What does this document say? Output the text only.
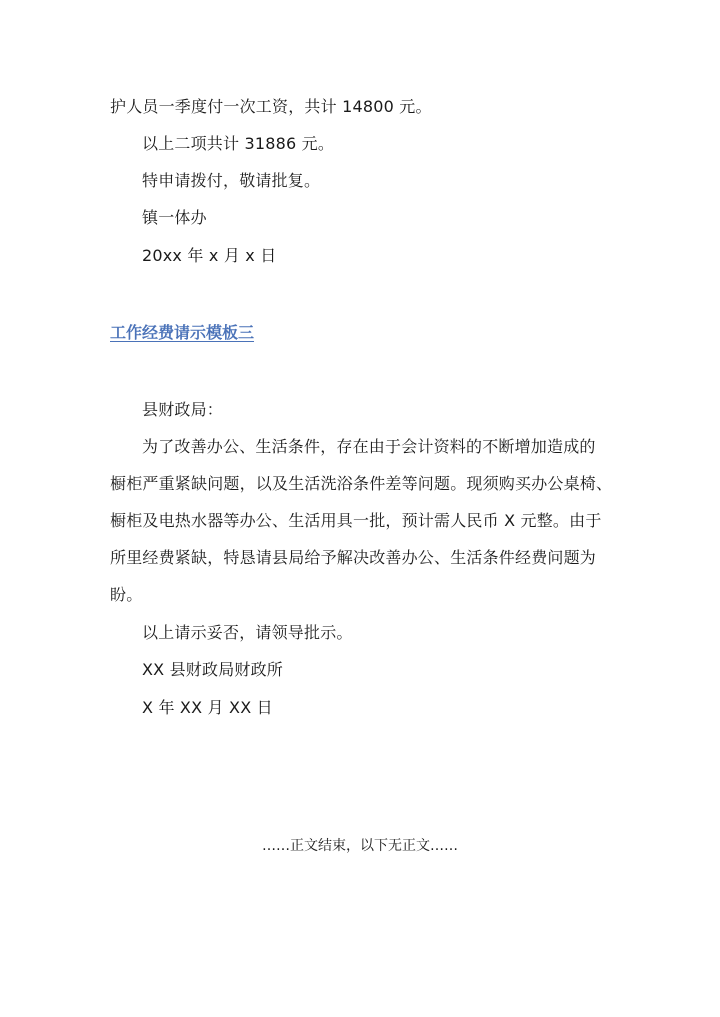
护人员一季度付一次工资，共计 14800 元。
以上二项共计 31886 元。
特申请拨付，敬请批复。
镇一体办
20xx 年 x 月 x 日
工作经费请示模板三
县财政局：
为了改善办公、生活条件，存在由于会计资料的不断增加造成的
橱柜严重紧缺问题，以及生活洗浴条件差等问题。现须购买办公桌椅、
橱柜及电热水器等办公、生活用具一批，预计需人民币 X 元整。由于
所里经费紧缺，特恳请县局给予解决改善办公、生活条件经费问题为
盼。
以上请示妥否，请领导批示。
XX 县财政局财政所
X 年 XX 月 XX 日
……正文结束，以下无正文……
